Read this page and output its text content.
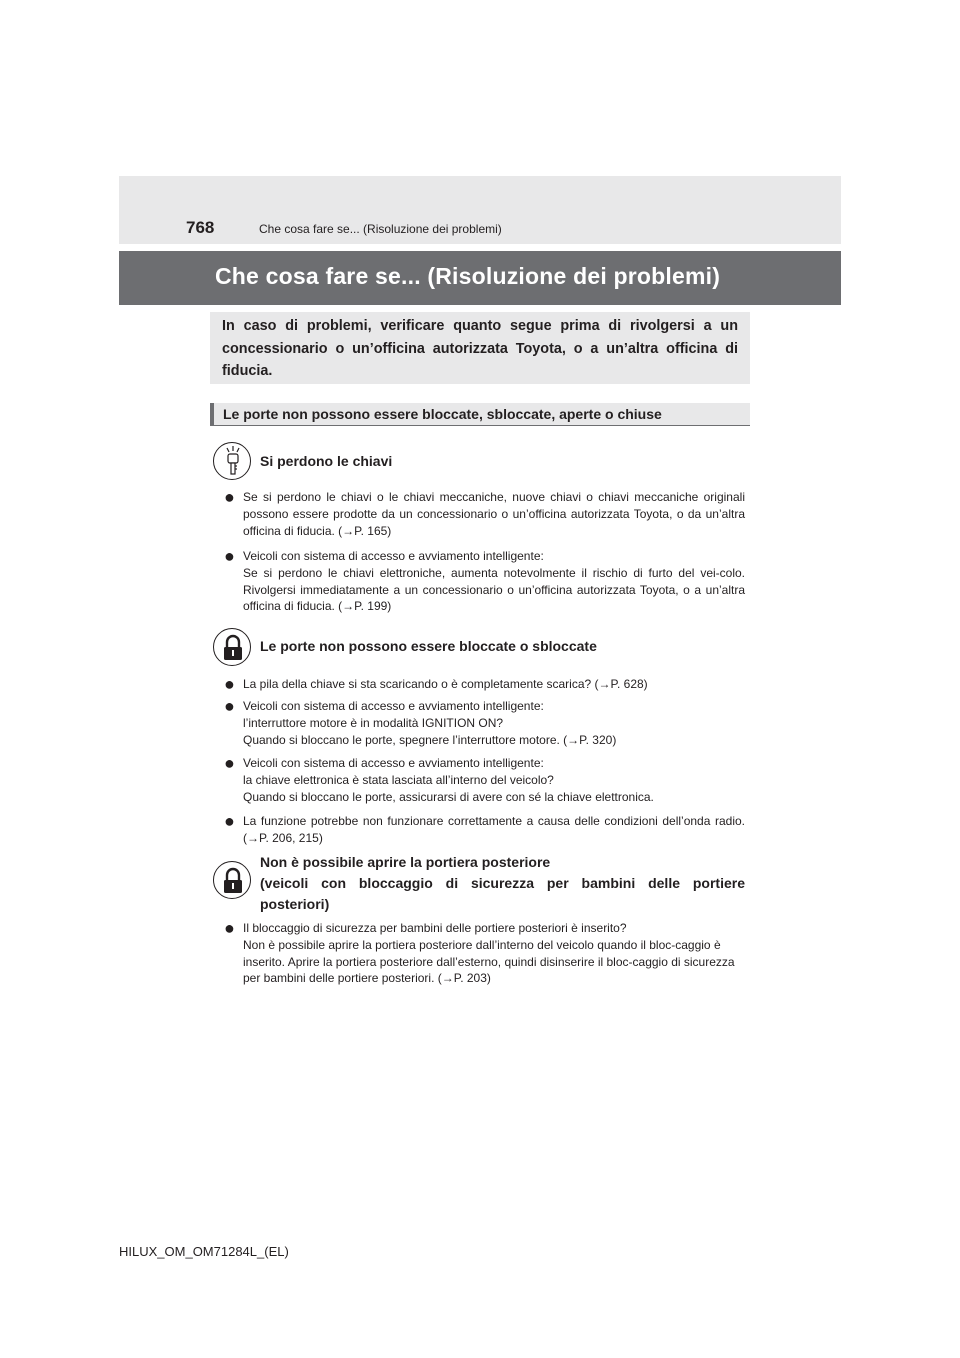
768	Che cosa fare se... (Risoluzione dei problemi)
Che cosa fare se... (Risoluzione dei problemi)

In caso di problemi, verificare quanto segue prima di rivolgersi a un concessionario o un’officina autorizzata Toyota, o a un’altra officina di fiducia.

Le porte non possono essere bloccate, sbloccate, aperte o chiuse
Si perdono le chiavi
● Se si perdono le chiavi o le chiavi meccaniche, nuove chiavi o chiavi meccaniche originali possono essere prodotte da un concessionario o un’officina autorizzata Toyota, o da un’altra officina di fiducia. (→P. 165)

● Veicoli con sistema di accesso e avviamento intelligente:
Se si perdono le chiavi elettroniche, aumenta notevolmente il rischio di furto del vei-colo. Rivolgersi immediatamente a un concessionario o un’officina autorizzata Toyota, o a un’altra officina di fiducia. (→P. 199)

Le porte non possono essere bloccate o sbloccate
● La pila della chiave si sta scaricando o è completamente scarica? (→P. 628)

● Veicoli con sistema di accesso e avviamento intelligente:
l’interruttore motore è in modalità IGNITION ON?
Quando si bloccano le porte, spegnere l’interruttore motore. (→P. 320)

● Veicoli con sistema di accesso e avviamento intelligente:
la chiave elettronica è stata lasciata all’interno del veicolo?
Quando si bloccano le porte, assicurarsi di avere con sé la chiave elettronica.

● La funzione potrebbe non funzionare correttamente a causa delle condizioni dell’onda radio. (→P. 206, 215)

Non è possibile aprire la portiera posteriore
(veicoli con bloccaggio di sicurezza per bambini delle portiere posteriori)
● Il bloccaggio di sicurezza per bambini delle portiere posteriori è inserito?
Non è possibile aprire la portiera posteriore dall’interno del veicolo quando il bloc-caggio è inserito. Aprire la portiera posteriore dall’esterno, quindi disinserire il bloc-caggio di sicurezza per bambini delle portiere posteriori. (→P. 203)

HILUX_OM_OM71284L_(EL)
